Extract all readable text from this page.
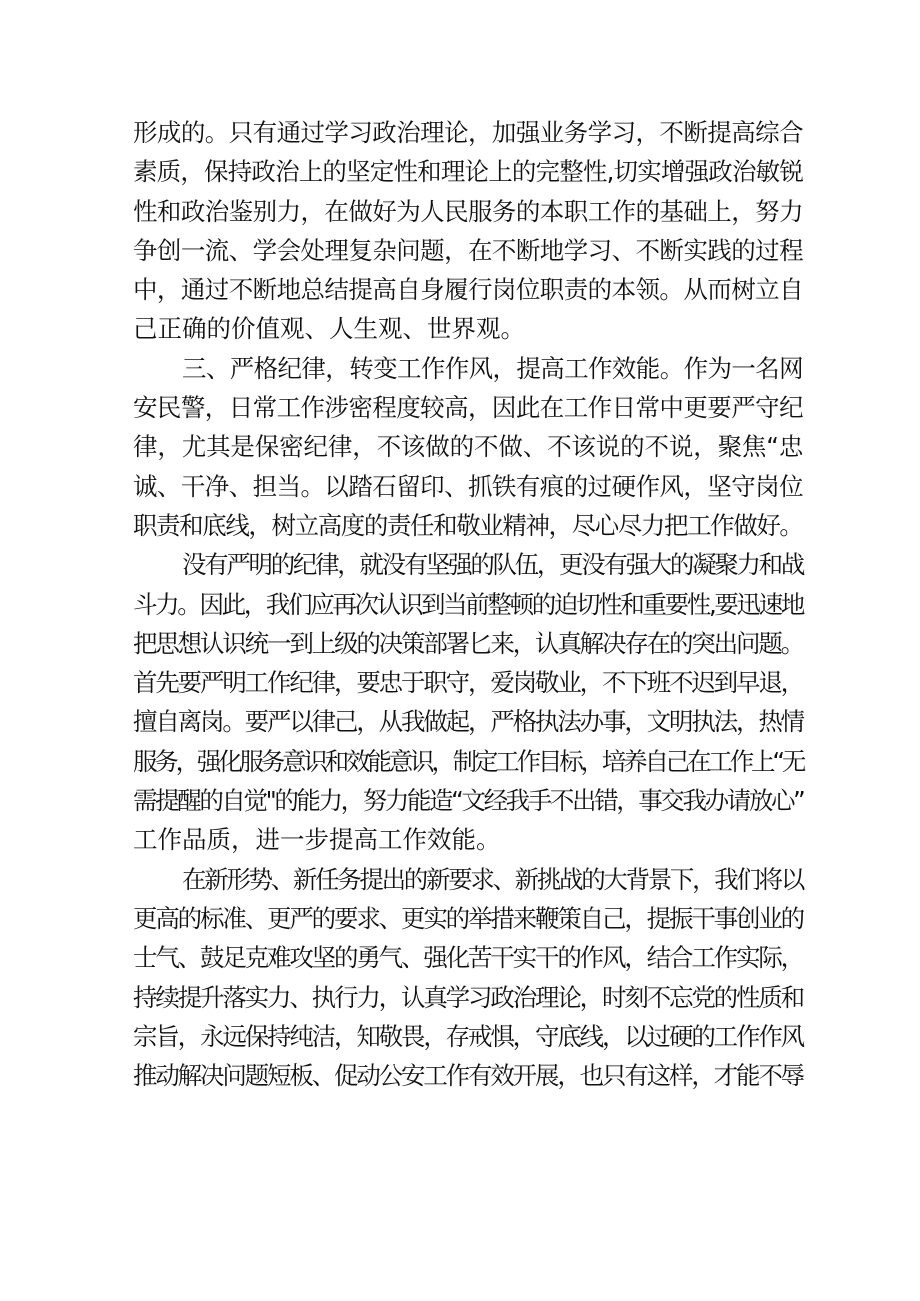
形成的。只有通过学习政治理论，加强业务学习，不断提高综合
素质，保持政治上的坚定性和理论上的完整性,切实增强政治敏锐
性和政治鉴别力，在做好为人民服务的本职工作的基础上，努力
争创一流、学会处理复杂问题，在不断地学习、不断实践的过程
中，通过不断地总结提高自身履行岗位职责的本领。从而树立自
己正确的价值观、人生观、世界观。
三、严格纪律，转变工作作风，提高工作效能。作为一名网
安民警，日常工作涉密程度较高，因此在工作日常中更要严守纪
律，尤其是保密纪律，不该做的不做、不该说的不说，聚焦“忠
诚、干净、担当。以踏石留印、抓铁有痕的过硬作风，坚守岗位
职责和底线，树立高度的责任和敬业精神，尽心尽力把工作做好。
没有严明的纪律，就没有坚强的队伍，更没有强大的凝聚力和战
斗力。因此，我们应再次认识到当前整顿的迫切性和重要性,要迅速地
把思想认识统一到上级的决策部署匕来，认真解决存在的突出问题。
首先要严明工作纪律，要忠于职守，爱岗敬业，不下班不迟到早退，
擅自离岗。要严以律己，从我做起，严格执法办事，文明执法，热情
服务，强化服务意识和效能意识，制定工作目标，培养自己在工作上“无
需提醒的自觉''的能力，努力能造“文经我手不出错，事交我办请放心”
工作品质，进一步提高工作效能。
在新形势、新任务提出的新要求、新挑战的大背景下，我们将以
更高的标准、更严的要求、更实的举措来鞭策自己，提振干事创业的
士气、鼓足克难攻坚的勇气、强化苦干实干的作风，结合工作实际，
持续提升落实力、执行力，认真学习政治理论，时刻不忘党的性质和
宗旨，永远保持纯洁，知敬畏，存戒惧，守底线，以过硬的工作作风
推动解决问题短板、促动公安工作有效开展，也只有这样，才能不辱
